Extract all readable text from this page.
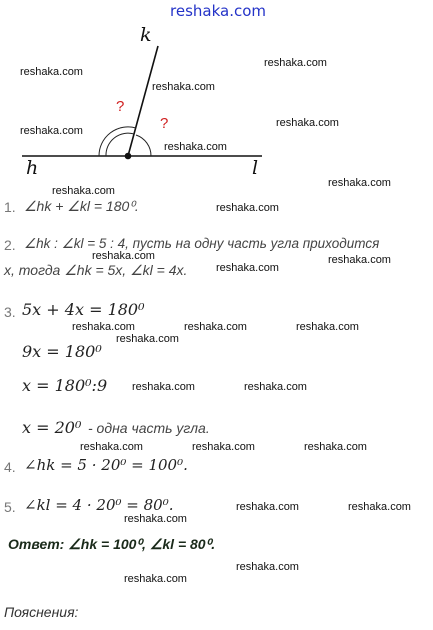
reshaka.com
k
h	l
?
?
reshaka.com
reshaka.com
reshaka.com
reshaka.com
reshaka.com
reshaka.com
reshaka.com
reshaka.com
reshaka.com
reshaka.com
reshaka.com
reshaka.com
reshaka.com	reshaka.com	reshaka.com
reshaka.com
reshaka.com	reshaka.com
reshaka.com	reshaka.com	reshaka.com
reshaka.com	reshaka.com
reshaka.com
reshaka.com
reshaka.com
1. ∠hk + ∠kl = 180⁰.
2. ∠hk : ∠kl = 5 : 4, пусть на одну часть угла приходится
x, тогда ∠hk = 5x, ∠kl = 4x.
3. 5x + 4x = 180⁰
9x = 180⁰
x = 180⁰:9
x = 20⁰ - одна часть угла.
4. ∠hk = 5 · 20⁰ = 100⁰.
5. ∠kl = 4 · 20⁰ = 80⁰.
Ответ: ∠hk = 100⁰, ∠kl = 80⁰.
Пояснения:
